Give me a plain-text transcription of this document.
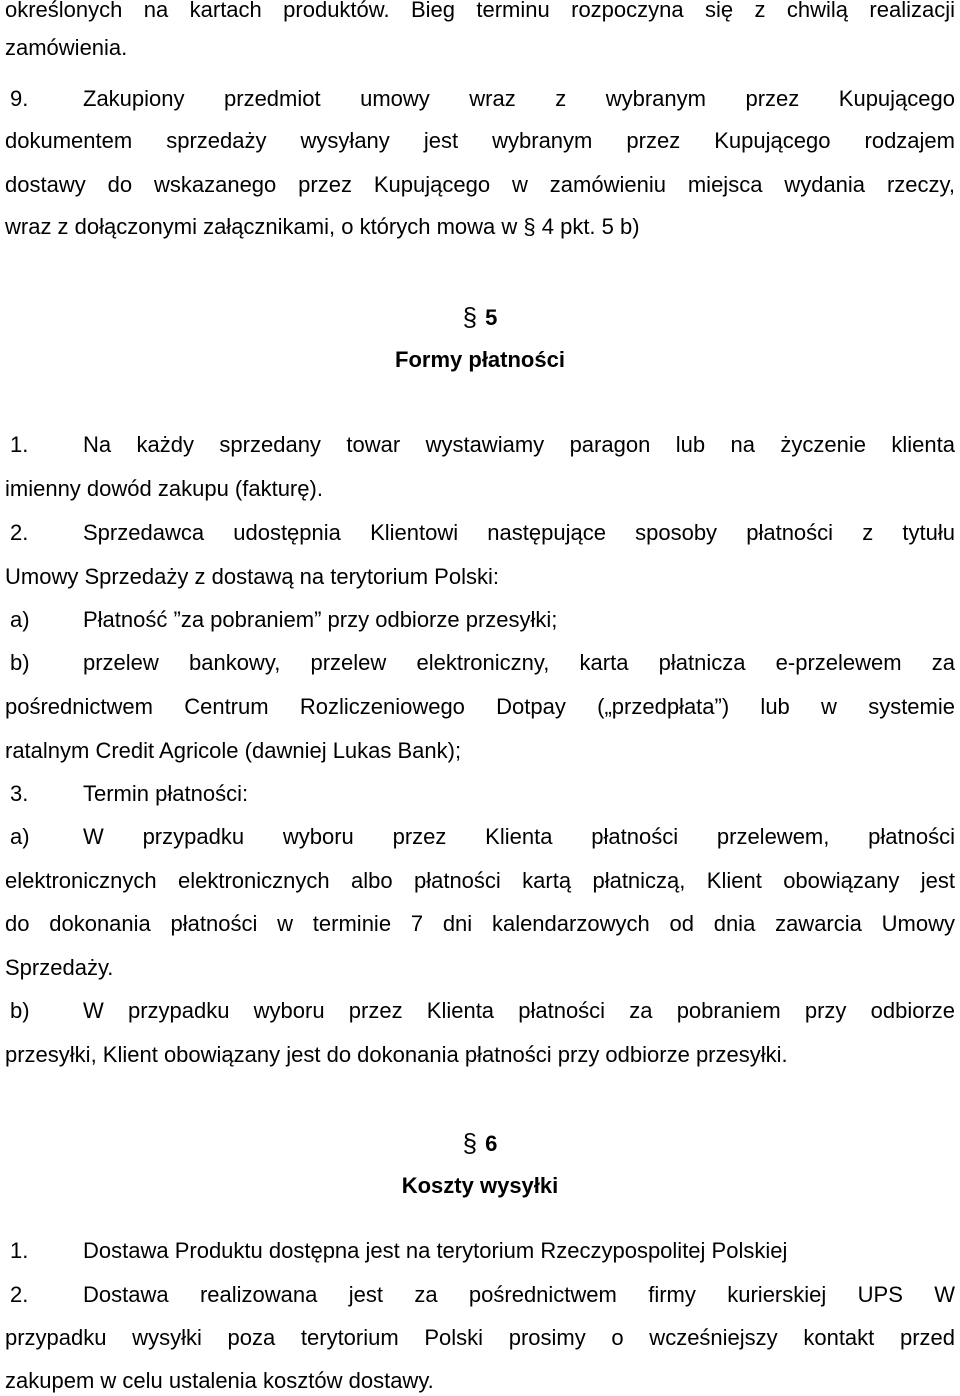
określonych na kartach produktów. Bieg terminu rozpoczyna się z chwilą realizacji
zamówienia.
9. Zakupiony przedmiot umowy wraz z wybranym przez Kupującego
dokumentem sprzedaży wysyłany jest wybranym przez Kupującego rodzajem
dostawy do wskazanego przez Kupującego w zamówieniu miejsca wydania rzeczy,
wraz z dołączonymi załącznikami, o których mowa w § 4 pkt. 5 b)
§ 5
Formy płatności
1. Na każdy sprzedany towar wystawiamy paragon lub na życzenie klienta
imienny dowód zakupu (fakturę).
2. Sprzedawca udostępnia Klientowi następujące sposoby płatności z tytułu
Umowy Sprzedaży z dostawą na terytorium Polski:
a) Płatność ”za pobraniem” przy odbiorze przesyłki;
b) przelew bankowy, przelew elektroniczny, karta płatnicza e-przelewem za
pośrednictwem Centrum Rozliczeniowego Dotpay („przedpłata”) lub w systemie
ratalnym Credit Agricole (dawniej Lukas Bank);
3. Termin płatności:
a) W przypadku wyboru przez Klienta płatności przelewem, płatności
elektronicznych elektronicznych albo płatności kartą płatniczą, Klient obowiązany jest
do dokonania płatności w terminie 7 dni kalendarzowych od dnia zawarcia Umowy
Sprzedaży.
b) W przypadku wyboru przez Klienta płatności za pobraniem przy odbiorze
przesyłki, Klient obowiązany jest do dokonania płatności przy odbiorze przesyłki.
§ 6
Koszty wysyłki
1. Dostawa Produktu dostępna jest na terytorium Rzeczypospolitej Polskiej
2. Dostawa realizowana jest za pośrednictwem firmy kurierskiej UPS W
przypadku wysyłki poza terytorium Polski prosimy o wcześniejszy kontakt przed
zakupem w celu ustalenia kosztów dostawy.
